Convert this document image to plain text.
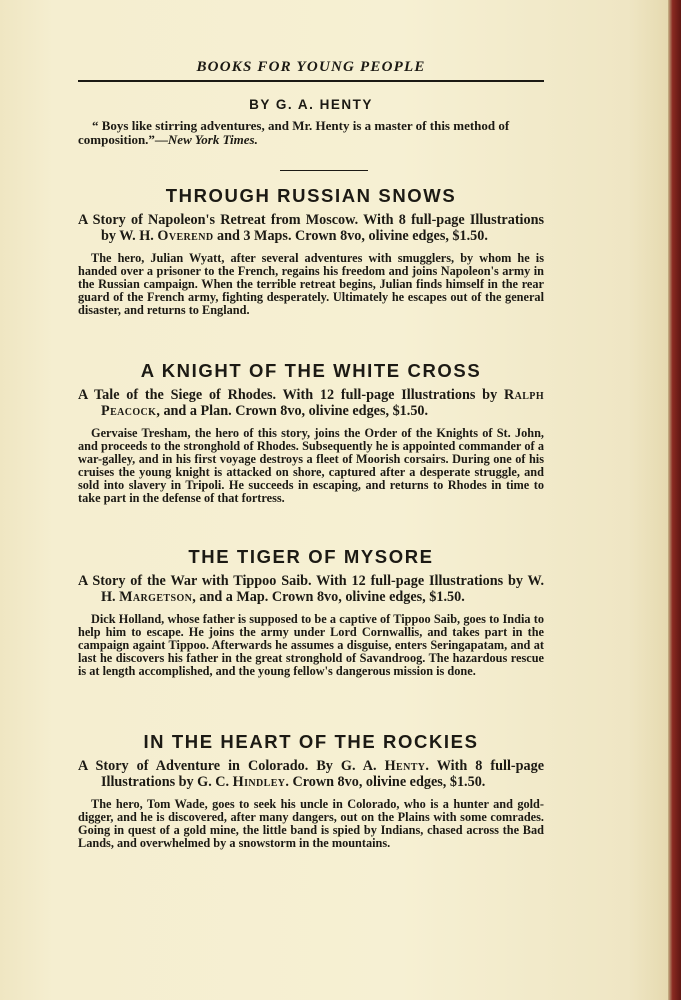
BOOKS FOR YOUNG PEOPLE
BY G. A. HENTY
“ Boys like stirring adventures, and Mr. Henty is a master of this method of composition.”—New York Times.
THROUGH RUSSIAN SNOWS

A Story of Napoleon's Retreat from Moscow. With 8 full-page Illustrations by W. H. Overend and 3 Maps. Crown 8vo, olivine edges, $1.50.

The hero, Julian Wyatt, after several adventures with smugglers, by whom he is handed over a prisoner to the French, regains his freedom and joins Napoleon's army in the Russian campaign. When the terrible retreat begins, Julian finds himself in the rear guard of the French army, fighting desperately. Ultimately he escapes out of the general disaster, and returns to England.

A KNIGHT OF THE WHITE CROSS

A Tale of the Siege of Rhodes. With 12 full-page Illustrations by Ralph Peacock, and a Plan. Crown 8vo, olivine edges, $1.50.

Gervaise Tresham, the hero of this story, joins the Order of the Knights of St. John, and proceeds to the stronghold of Rhodes. Subsequently he is appointed commander of a war-galley, and in his first voyage destroys a fleet of Moorish corsairs. During one of his cruises the young knight is attacked on shore, captured after a desperate struggle, and sold into slavery in Tripoli. He succeeds in escaping, and returns to Rhodes in time to take part in the defense of that fortress.

THE TIGER OF MYSORE

A Story of the War with Tippoo Saib. With 12 full-page Illustrations by W. H. Margetson, and a Map. Crown 8vo, olivine edges, $1.50.

Dick Holland, whose father is supposed to be a captive of Tippoo Saib, goes to India to help him to escape. He joins the army under Lord Cornwallis, and takes part in the campaign againt Tippoo. Afterwards he assumes a disguise, enters Seringapatam, and at last he discovers his father in the great stronghold of Savandroog. The hazardous rescue is at length accomplished, and the young fellow's dangerous mission is done.

IN THE HEART OF THE ROCKIES

A Story of Adventure in Colorado. By G. A. Henty. With 8 full-page Illustrations by G. C. Hindley. Crown 8vo, olivine edges, $1.50.

The hero, Tom Wade, goes to seek his uncle in Colorado, who is a hunter and gold-digger, and he is discovered, after many dangers, out on the Plains with some comrades. Going in quest of a gold mine, the little band is spied by Indians, chased across the Bad Lands, and overwhelmed by a snowstorm in the mountains.
